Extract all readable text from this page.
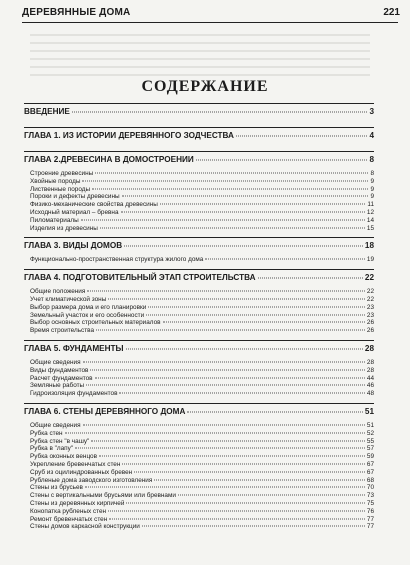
ДЕРЕВЯННЫЕ ДОМА	221
СОДЕРЖАНИЕ
ВВЕДЕНИЕ	3
ГЛАВА 1. ИЗ ИСТОРИИ ДЕРЕВЯННОГО ЗОДЧЕСТВА	4
ГЛАВА 2.ДРЕВЕСИНА В ДОМОСТРОЕНИИ	8
Строение древесины	8
Хвойные породы	9
Лиственные породы	9
Пороки и дефекты древесины	9
Физико-механические свойства древесины	11
Исходный материал – бревна	12
Пиломатериалы	14
Изделия из древесины	15
ГЛАВА 3. ВИДЫ ДОМОВ	18
Функционально-пространственная структура жилого дома	19
ГЛАВА 4. ПОДГОТОВИТЕЛЬНЫЙ ЭТАП СТРОИТЕЛЬСТВА	22
Общие положения	22
Учет климатической зоны	22
Выбор размера дома и его планировки	23
Земельный участок и его особенности	23
Выбор основных строительных материалов	26
Время строительства	26
ГЛАВА 5. ФУНДАМЕНТЫ	28
Общие сведения	28
Виды фундаментов	28
Расчет фундаментов	44
Земляные работы	46
Гидроизоляция фундаментов	48
ГЛАВА 6. СТЕНЫ ДЕРЕВЯННОГО ДОМА	51
Общие сведения	51
Рубка стен	52
Рубка стен "в чашу"	55
Рубка в "лапу"	57
Рубка оконных венцов	59
Укрепление бревенчатых стен	67
Сруб из оцилиндрованных бревен	67
Рубленые дома заводского изготовления	68
Стены из брусьев	70
Стены с вертикальными брусьями или бревнами	73
Стены из деревянных кирпичей	75
Конопатка рубленых стен	76
Ремонт бревенчатых стен	77
Стены домов каркасной конструкции	77
